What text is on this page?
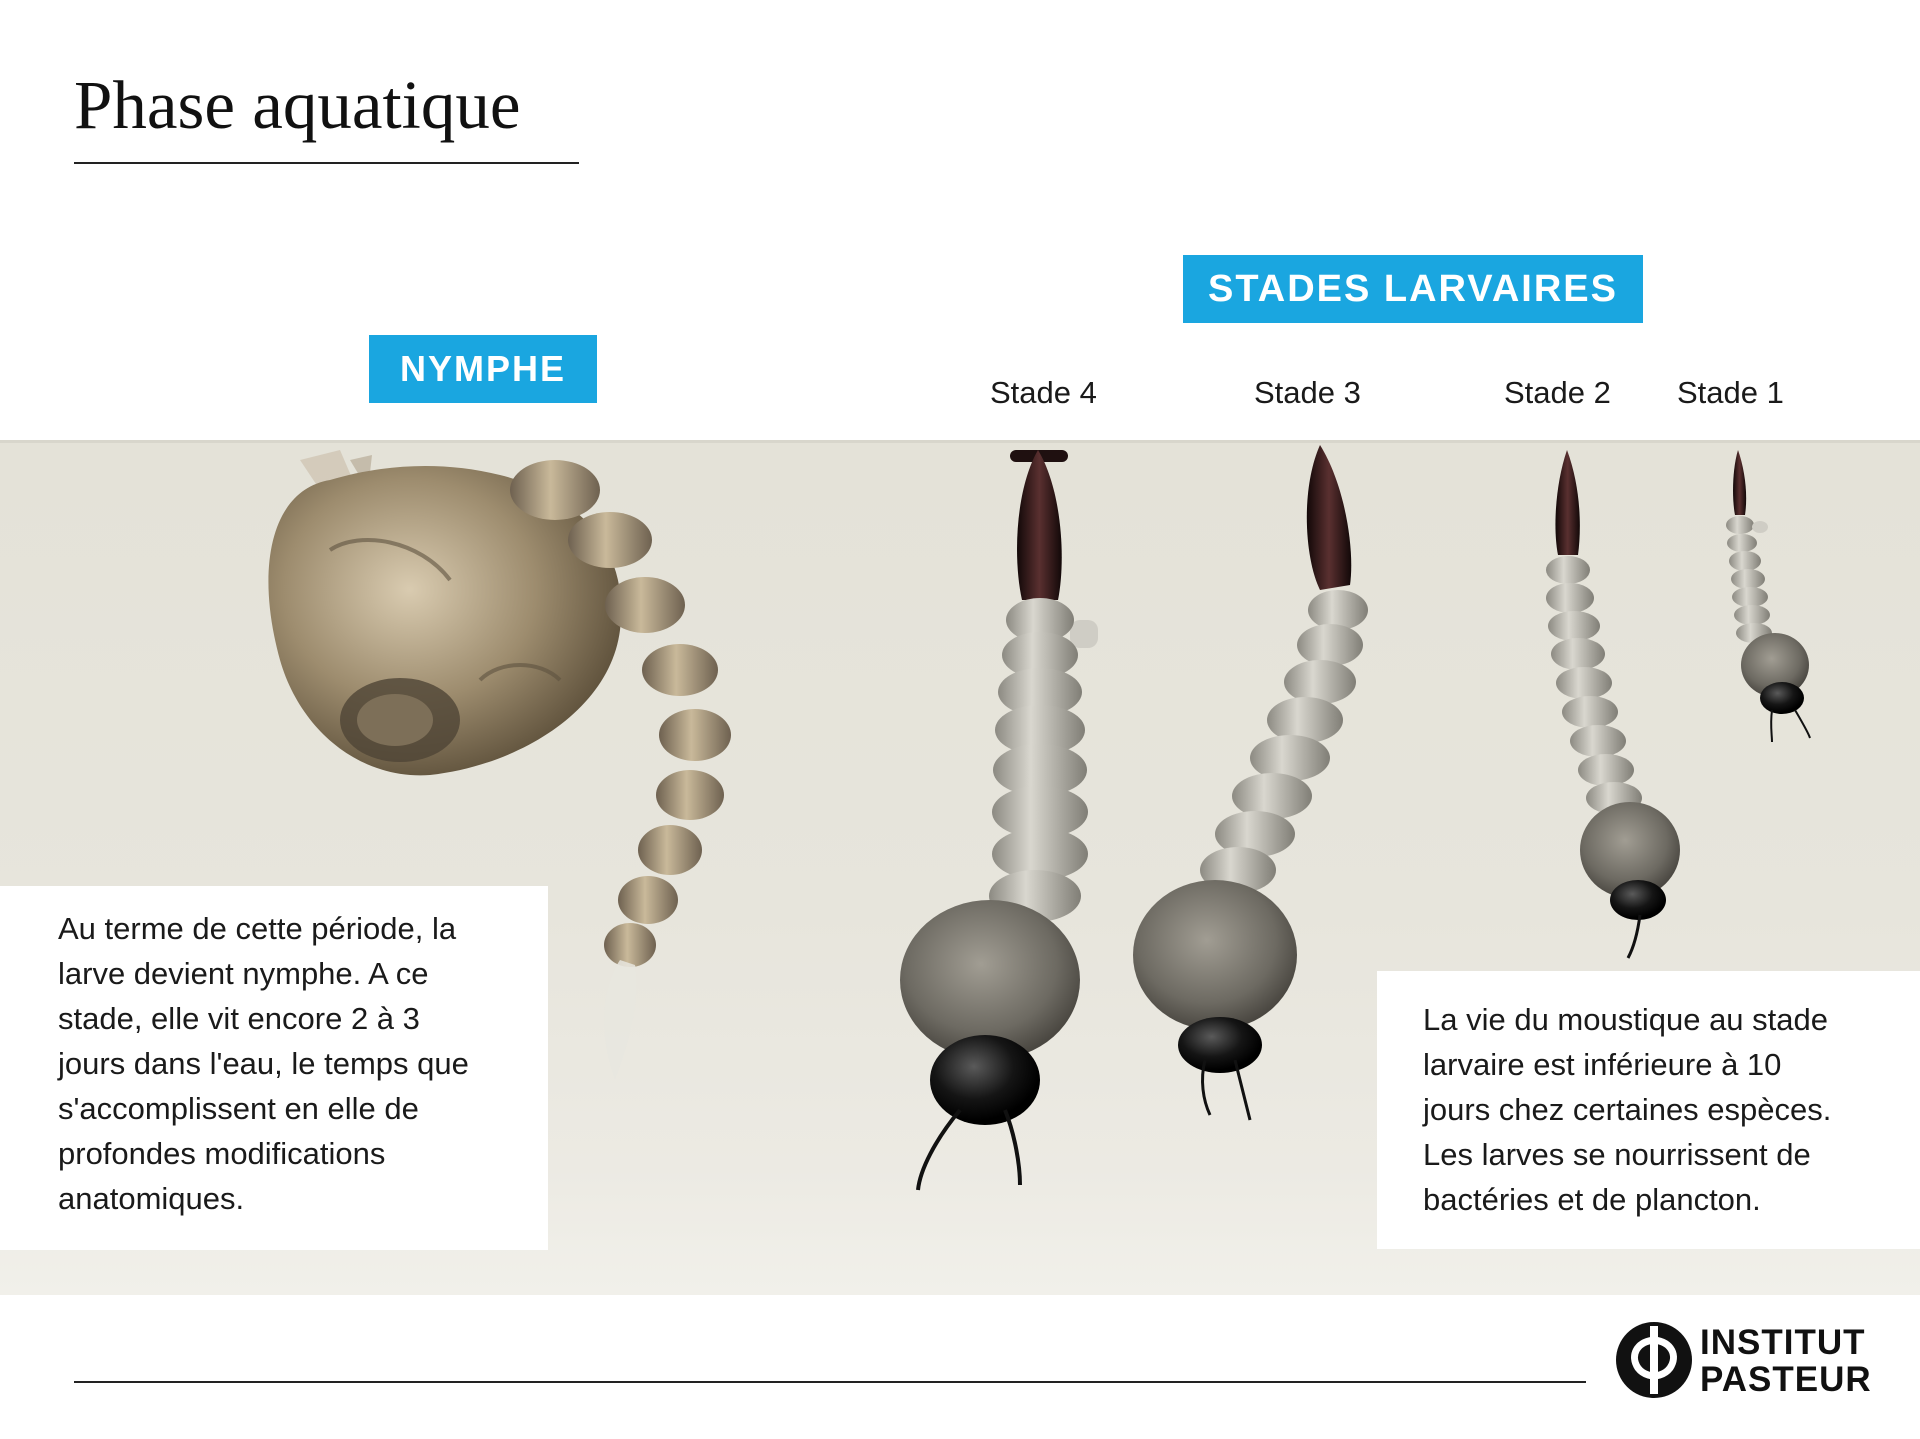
Phase aquatique
STADES LARVAIRES
NYMPHE
Stade 4	Stade 3	Stade 2 Stade 1

Au terme de cette période, la

larve devient nymphe. A ce

stade, elle vit encore 2 à 3

jours dans l'eau, le temps que

s'accomplissent en elle de

profondes modifications

anatomiques.

La vie du moustique au stade

larvaire est inférieure à 10

jours chez certaines espèces.

Les larves se nourrissent de

bactéries et de plancton.

INSTITUT
PASTEUR
